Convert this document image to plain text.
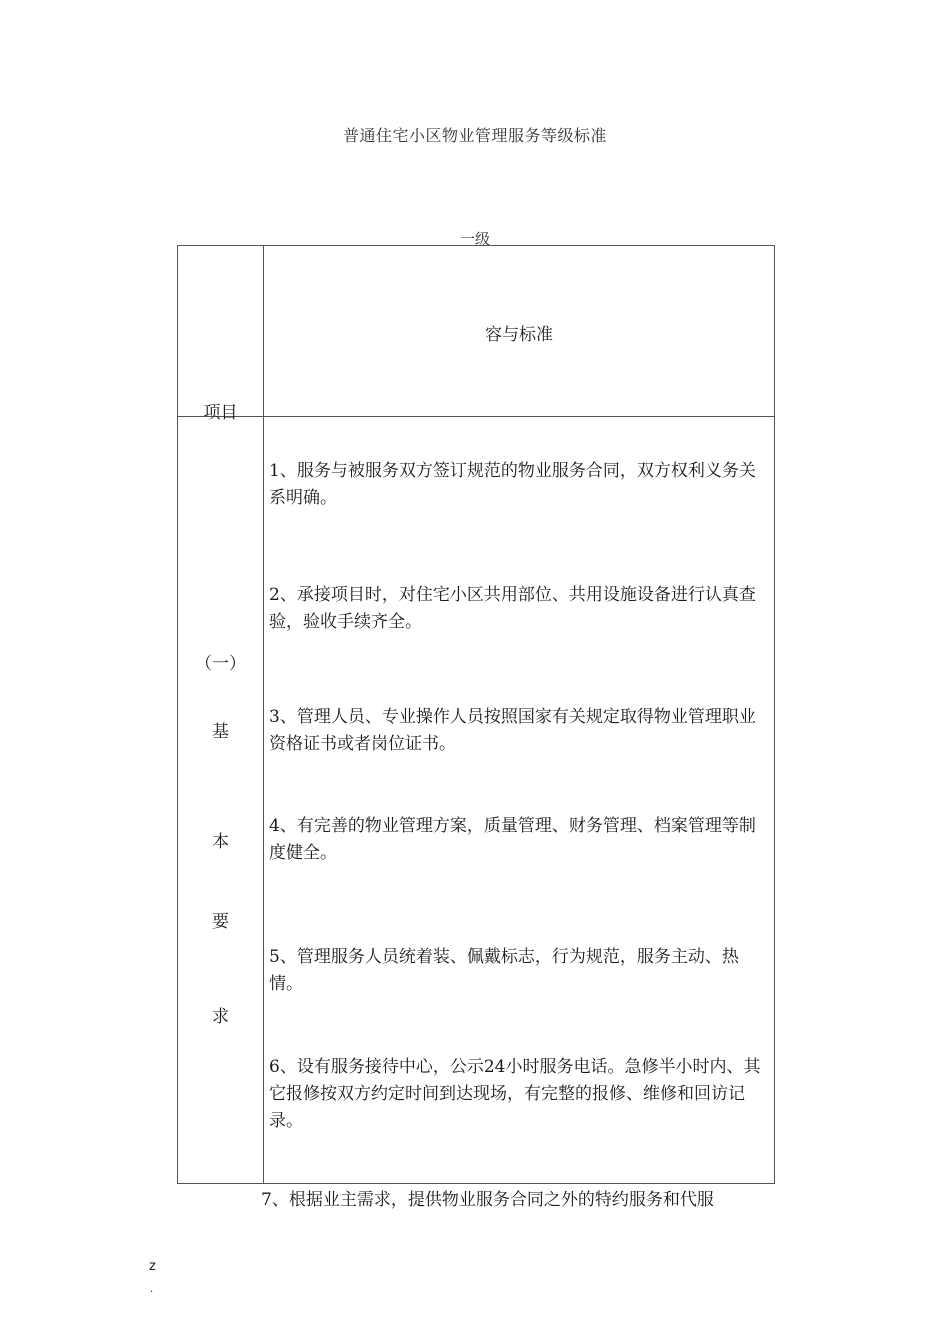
普通住宅小区物业管理服务等级标准
一级
容与标准
项目
（一）
基
本
要
求
1、服务与被服务双方签订规范的物业服务合同，双方权利义务关系明确。
2、承接项目时，对住宅小区共用部位、共用设施设备进行认真查验，验收手续齐全。
3、管理人员、专业操作人员按照国家有关规定取得物业管理职业资格证书或者岗位证书。
4、有完善的物业管理方案，质量管理、财务管理、档案管理等制度健全。
5、管理服务人员统着装、佩戴标志，行为规范，服务主动、热情。
6、设有服务接待中心，公示24小时服务电话。急修半小时内、其它报修按双方约定时间到达现场，有完整的报修、维修和回访记录。
7、根据业主需求，提供物业服务合同之外的特约服务和代服
z
.
